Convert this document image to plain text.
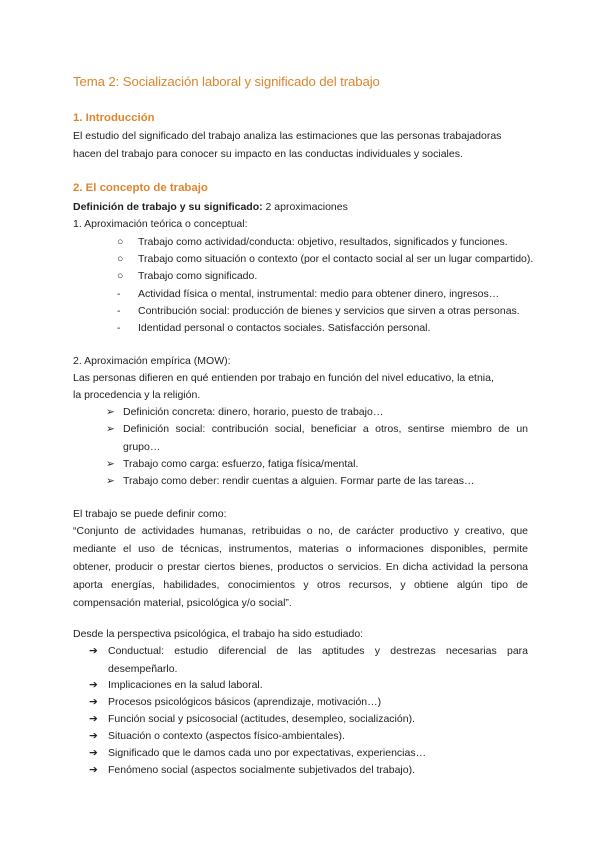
Tema 2: Socialización laboral y significado del trabajo
1. Introducción
El estudio del significado del trabajo analiza las estimaciones que las personas trabajadoras
hacen del trabajo para conocer su impacto en las conductas individuales y sociales.
2. El concepto de trabajo
Definición de trabajo y su significado: 2 aproximaciones
1. Aproximación teórica o conceptual:
○ Trabajo como actividad/conducta: objetivo, resultados, significados y funciones.
○ Trabajo como situación o contexto (por el contacto social al ser un lugar compartido).
○ Trabajo como significado.
- Actividad física o mental, instrumental: medio para obtener dinero, ingresos…
- Contribución social: producción de bienes y servicios que sirven a otras personas.
- Identidad personal o contactos sociales. Satisfacción personal.
2. Aproximación empírica (MOW):
Las personas difieren en qué entienden por trabajo en función del nivel educativo, la etnia,
la procedencia y la religión.
➢ Definición concreta: dinero, horario, puesto de trabajo…
➢ Definición social: contribución social, beneficiar a otros, sentirse miembro de un grupo…
➢ Trabajo como carga: esfuerzo, fatiga física/mental.
➢ Trabajo como deber: rendir cuentas a alguien. Formar parte de las tareas…
El trabajo se puede definir como:
“Conjunto de actividades humanas, retribuidas o no, de carácter productivo y creativo, que mediante el uso de técnicas, instrumentos, materias o informaciones disponibles, permite obtener, producir o prestar ciertos bienes, productos o servicios. En dicha actividad la persona aporta energías, habilidades, conocimientos y otros recursos, y obtiene algún tipo de compensación material, psicológica y/o social”.
Desde la perspectiva psicológica, el trabajo ha sido estudiado:
➔ Conductual: estudio diferencial de las aptitudes y destrezas necesarias para desempeñarlo.
➔ Implicaciones en la salud laboral.
➔ Procesos psicológicos básicos (aprendizaje, motivación…)
➔ Función social y psicosocial (actitudes, desempleo, socialización).
➔ Situación o contexto (aspectos físico-ambientales).
➔ Significado que le damos cada uno por expectativas, experiencias…
➔ Fenómeno social (aspectos socialmente subjetivados del trabajo).
